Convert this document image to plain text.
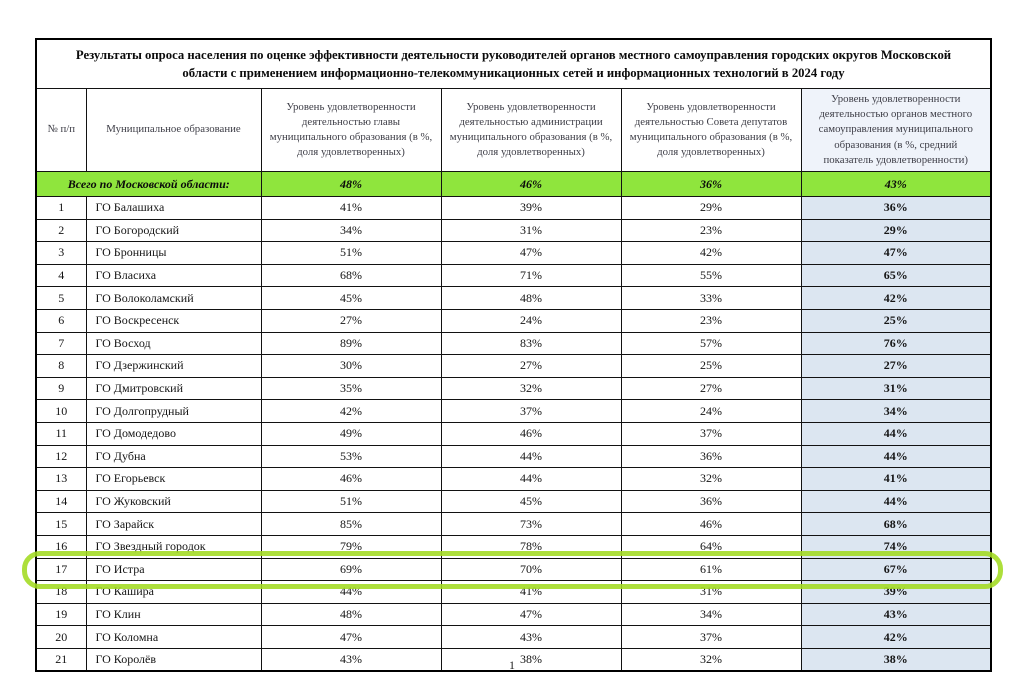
Результаты опроса населения по оценке эффективности деятельности руководителей органов местного самоуправления городских округов Московской области с применением информационно-телекоммуникационных сетей и информационных технологий в 2024 году					
№ п/п	Муниципальное образование	Уровень удовлетворенности деятельностью главы муниципального образования (в %, доля удовлетворенных)	Уровень удовлетворенности деятельностью администрации муниципального образования (в %, доля удовлетворенных)	Уровень удовлетворенности деятельностью Совета депутатов муниципального образования (в %, доля удовлетворенных)	Уровень удовлетворенности деятельностью органов местного самоуправления муниципального образования (в %, средний показатель удовлетворенности)
Всего по Московской области:		48%	46%	36%	43%
1	ГО Балашиха	41%	39%	29%	36%
2	ГО Богородский	34%	31%	23%	29%
3	ГО Бронницы	51%	47%	42%	47%
4	ГО Власиха	68%	71%	55%	65%
5	ГО Волоколамский	45%	48%	33%	42%
6	ГО Воскресенск	27%	24%	23%	25%
7	ГО Восход	89%	83%	57%	76%
8	ГО Дзержинский	30%	27%	25%	27%
9	ГО Дмитровский	35%	32%	27%	31%
10	ГО Долгопрудный	42%	37%	24%	34%
11	ГО Домодедово	49%	46%	37%	44%
12	ГО Дубна	53%	44%	36%	44%
13	ГО Егорьевск	46%	44%	32%	41%
14	ГО Жуковский	51%	45%	36%	44%
15	ГО Зарайск	85%	73%	46%	68%
16	ГО Звездный городок	79%	78%	64%	74%
17	ГО Истра	69%	70%	61%	67%
18	ГО Кашира	44%	41%	31%	39%
19	ГО Клин	48%	47%	34%	43%
20	ГО Коломна	47%	43%	37%	42%
21	ГО Королёв	43%	38%	32%	38%
1
